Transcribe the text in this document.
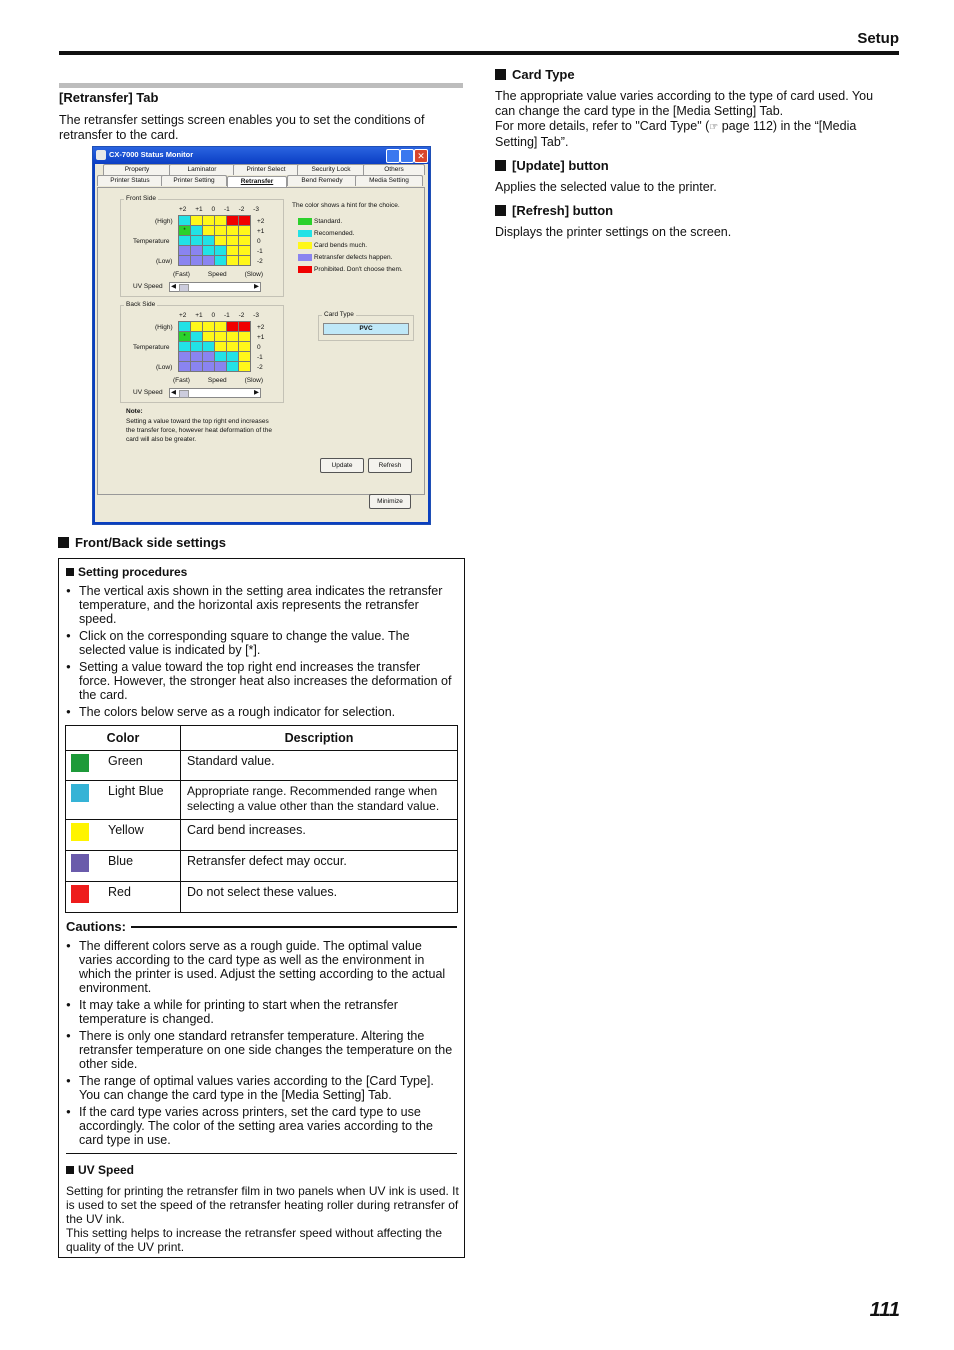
Setup
[Retransfer] Tab
The retransfer settings screen enables you to set the conditions of retransfer to the card.
CX-7000 Status Monitor	✕
Property	Laminator	Printer Select	Security Lock	Others
Printer Status	Printer Setting	Retransfer	Bend Remedy	Media Setting
Front Side
+2 +1 0 -1 -2 -3
(High)
Temperature
(Low)

*					

+2
+1
0
-1
-2
(Fast)	Speed	(Slow)
UV Speed ◀	▶
The color shows a hint for the choice.
Standard.
Recomended.
Card bends much.
Retransfer defects happen.
Prohibited. Don't choose them.
Back Side
+2 +1 0 -1 -2 -3
(High)
Temperature
(Low)

*					

+2
+1
0
-1
-2
(Fast)	Speed	(Slow)
UV Speed ◀	▶
Card Type
PVC
Note:
Setting a value toward the top right end increases the transfer force, however heat deformation of the card will also be greater.
Update	Refresh
Minimize
Front/Back side settings
Setting procedures
● The vertical axis shown in the setting area indicates the retransfer temperature, and the horizontal axis represents the retransfer speed.
● Click on the corresponding square to change the value. The selected value is indicated by [*].
● Setting a value toward the top right end increases the transfer force. However, the stronger heat also increases the deformation of the card.
● The colors below serve as a rough indicator for selection.
Color	Description

Green	Standard value.

Light Blue	Appropriate range. Recommended range when selecting a value other than the standard value.

Yellow	Card bend increases.

Blue	Retransfer defect may occur.

Red	Do not select these values.
Cautions:
● The different colors serve as a rough guide. The optimal value varies according to the card type as well as the environment in which the printer is used. Adjust the setting according to the actual environment.
● It may take a while for printing to start when the retransfer temperature is changed.
● There is only one standard retransfer temperature. Altering the retransfer temperature on one side changes the temperature on the other side.
● The range of optimal values varies according to the [Card Type]. You can change the card type in the [Media Setting] Tab.
● If the card type varies across printers, set the card type to use accordingly. The color of the setting area varies according to the card type in use.
UV Speed
Setting for printing the retransfer film in two panels when UV ink is used. It is used to set the speed of the retransfer heating roller during retransfer of the UV ink.
This setting helps to increase the retransfer speed without affecting the quality of the UV print.
Card Type
The appropriate value varies according to the type of card used. You can change the card type in the [Media Setting] Tab.
For more details, refer to "Card Type" (☞ page 112) in the “[Media Setting] Tab”.
[Update] button
Applies the selected value to the printer.
[Refresh] button
Displays the printer settings on the screen.
111
